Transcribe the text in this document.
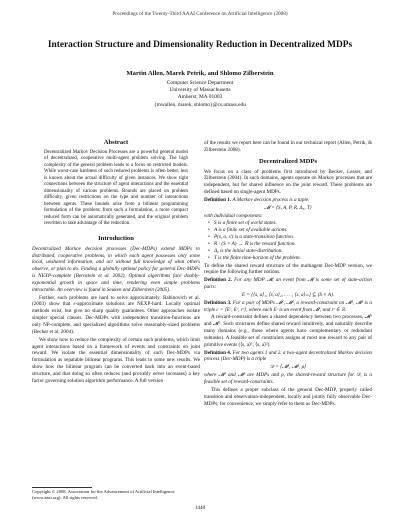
Proceedings of the Twenty-Third AAAI Conference on Artificial Intelligence (2008)
Interaction Structure and Dimensionality Reduction in Decentralized MDPs
Martin Allen, Marek Petrik, and Shlomo Zilberstein
Computer Science Department
University of Massachusetts
Amherst, MA 01003
{mwallen, marek, shlomo}@cs.umass.edu
Abstract
Decentralized Markov Decision Processes are a powerful general model of decentralized, cooperative multi-agent problem solving. The high complexity of the general problem leads to a focus on restricted models. While worst-case hardness of such reduced problems is often better, less is known about the actual difficulty of given instances. We show tight connections between the structure of agent interactions and the essential dimensionality of various problems. Bounds are placed on problem difficulty, given restrictions on the type and number of interactions between agents. These bounds arise from a bilinear programming formulation of the problem; from such a formulation, a more compact reduced form can be automatically generated, and the original problem rewritten to take advantage of the reduction.
Introduction

Decentralized Markov decision processes (Dec-MDPs) extend MDPs to distributed, cooperative problems, in which each agent possesses only some local, unshared information, and act without full knowledge of what others observe, or plan to do. Finding a globally optimal policy for general Dec-MDPs is NEXP-complete (Bernstein et al. 2002). Optimal algorithms face doubly-exponential growth in space and time, rendering even simple problems intractable. An overview is found in Seuken and Zilberstein (2005).

Further, such problems are hard to solve approximately. Rabinovich et al. (2003) show that ε-approximate solutions are NEXP-hard. Locally optimal methods exist, but give no sharp quality guarantees. Other approaches isolate simpler special classes. Dec-MDPs with independent transition-functions are only NP-complete, and specialized algorithms solve reasonably-sized problems (Becker et al. 2004).

We show how to reduce the complexity of certain such problems, which limit agent interactions based on a framework of events and constraints on joint reward. We isolate the essential dimensionality of such Dec-MDPs via formulation as separable bilinear programs. This leads to some new results. We show how the bilinear program can be converted back into an event-based structure, and that doing so often reduces (and provably never increases) a key factor governing solution algorithm performance. A full version

Copyright © 2008, Association for the Advancement of Artificial Intelligence (www.aaai.org). All rights reserved.

of the results we report here can be found in our technical report (Allen, Petrik, & Zilberstein 2008).

Decentralized MDPs

We focus on a class of problems first introduced by Becker, Lesser, and Zilberstein (2004). In such domains, agents operate on Markov processes that are independent, but for shared influence on the joint reward. These problems are defined based on single-agent MDPs.

Definition 1. A Markov decision process is a tuple:

𝓜 = ⟨S, A, P, R, Δ₀, T⟩

with individual components:

• S is a finite set of world states.
• A is a finite set of available actions.
• P(s, a, s') is a state-transition function.
• R : (S × A) → ℝ is the reward function.
• Δ₀ is the initial state-distribution.
• T is the finite time-horizon of the problem.

To define the shared reward structure of the multiagent Dec-MDP version, we require the following further notions.

Definition 2. For any MDP 𝓜, an event from 𝓜 is some set of state-action pairs:

E = {⟨s, a⟩₁, ⟨s, a⟩₂, . . . , ⟨s, a⟩ₘ} ⊆ (S × A).

Definition 3. For a pair of MDPs 𝓜¹, 𝓜², a reward-constraint on 𝓜¹, 𝓜² is a triple c = ⟨Eᶜ, Eᶜ, rᶜ⟩, where each Eᶜ is an event from 𝓜ⁱ, and rᶜ ∈ ℝ.

A reward-constraint defines a shared dependency between two processes, 𝓜¹ and 𝓜². Such structures define shared reward intuitively, and naturally describe many domains (e.g., those where agents have complementary or redundant subtasks). A feasible set of constraints assigns at most one reward to any pair of primitive events (⟨s, a⟩¹, ⟨s, a⟩²).

Definition 4. For two agents 1 and 2, a two-agent decentralized Markov decision process (Dec-MDP) is a triple

𝒟 = ⟨𝓜¹, 𝓜², ρ⟩

where 𝓜¹ and 𝓜² are MDPs and ρ, the shared-reward structure for 𝒟, is a feasible set of reward-constraints.

This defines a proper subclass of the general Dec-MDP, properly called transition and observation-independent, locally and jointly fully observable Dec-MDPs; for convenience, we simply refer to them as Dec-MDPs.

1440
